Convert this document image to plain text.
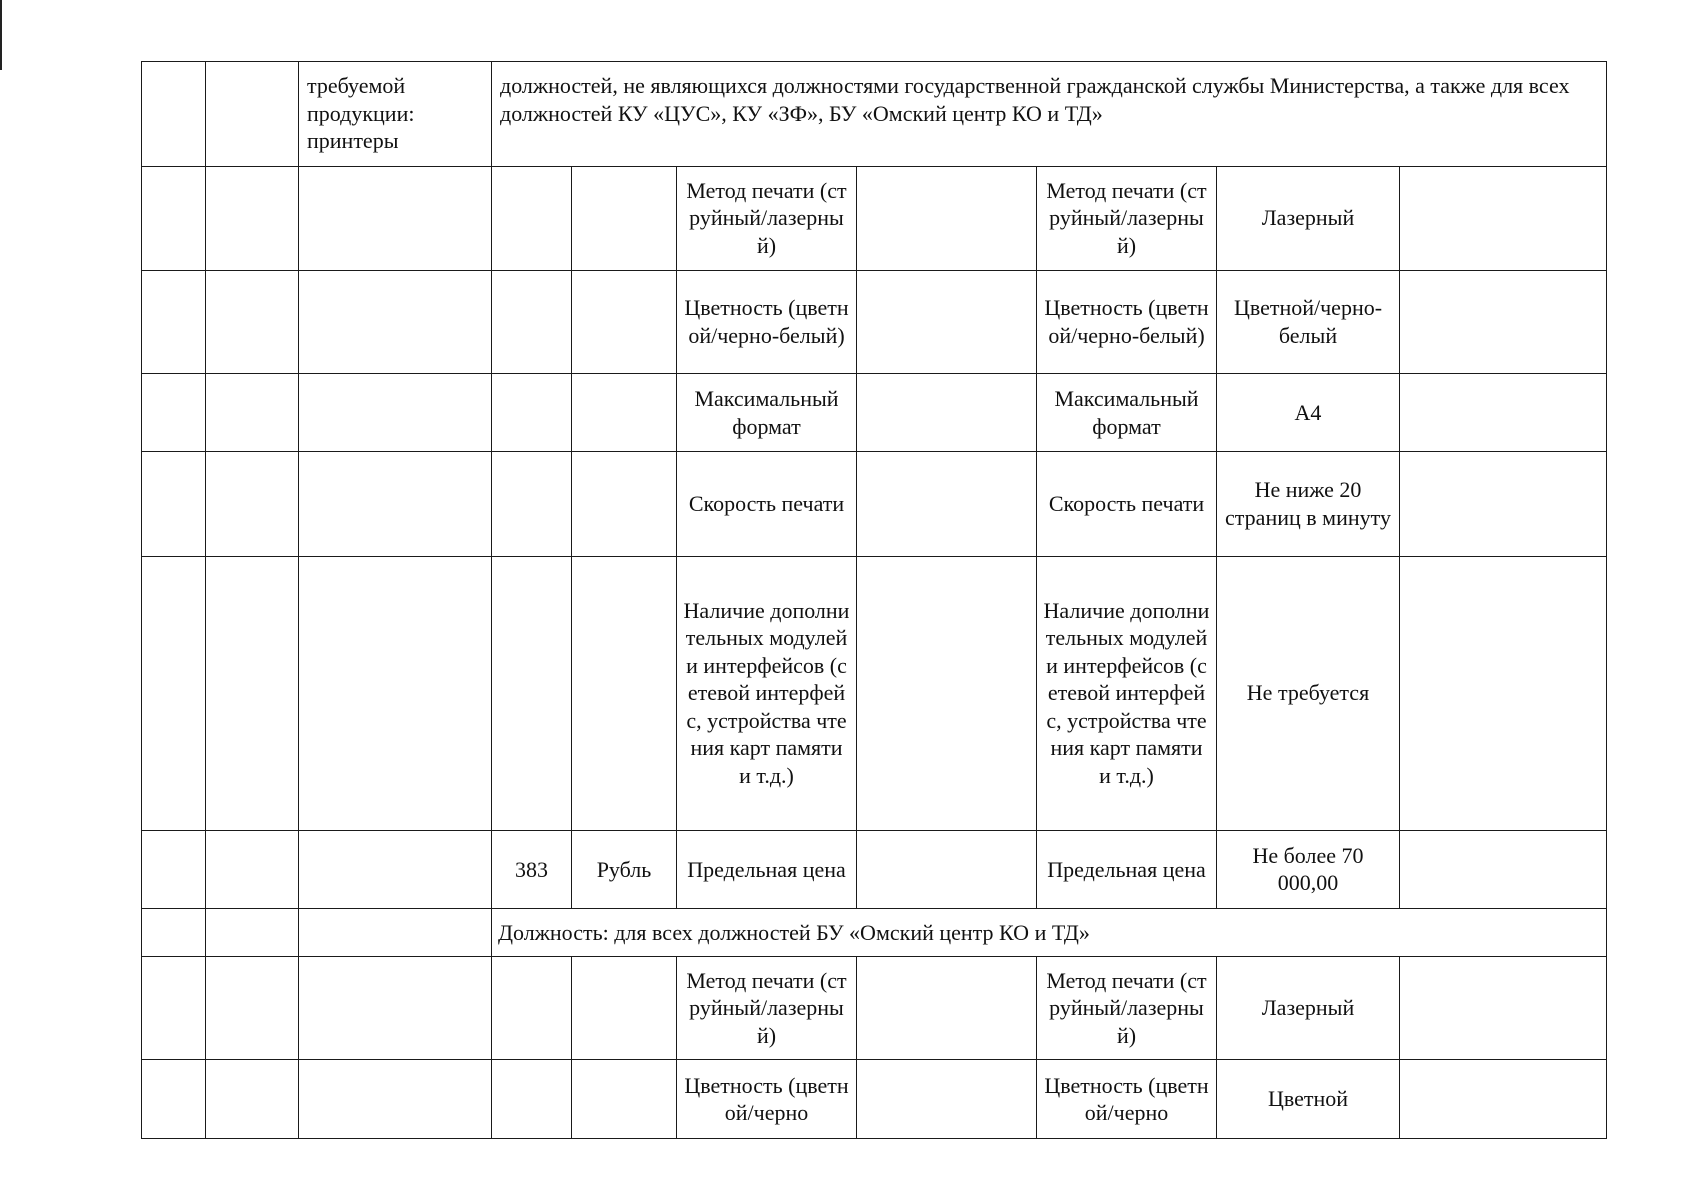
		требуемой продукции: принтеры	должностей, не являющихся должностями государственной гражданской службы Министерства, а также для всех должностей КУ «ЦУС», КУ «ЗФ», БУ «Омский центр КО и ТД»						
					Метод печати (струйный/лазерный)		Метод печати (струйный/лазерный)	Лазерный	
					Цветность (цветной/черно-белый)		Цветность (цветной/черно-белый)	Цветной/черно-белый	
					Максимальный формат		Максимальный формат	А4	
					Скорость печати		Скорость печати	Не ниже 20 страниц в минуту	
					Наличие дополнительных модулей и интерфейсов (сетевой интерфейс, устройства чтения карт памяти и т.д.)		Наличие дополнительных модулей и интерфейсов (сетевой интерфейс, устройства чтения карт памяти и т.д.)	Не требуется	
			383	Рубль	Предельная цена		Предельная цена	Не более 70 000,00	
			Должность: для всех должностей БУ «Омский центр КО и ТД»						
					Метод печати (струйный/лазерный)		Метод печати (струйный/лазерный)	Лазерный	
					Цветность (цветной/черно		Цветность (цветной/черно	Цветной	
